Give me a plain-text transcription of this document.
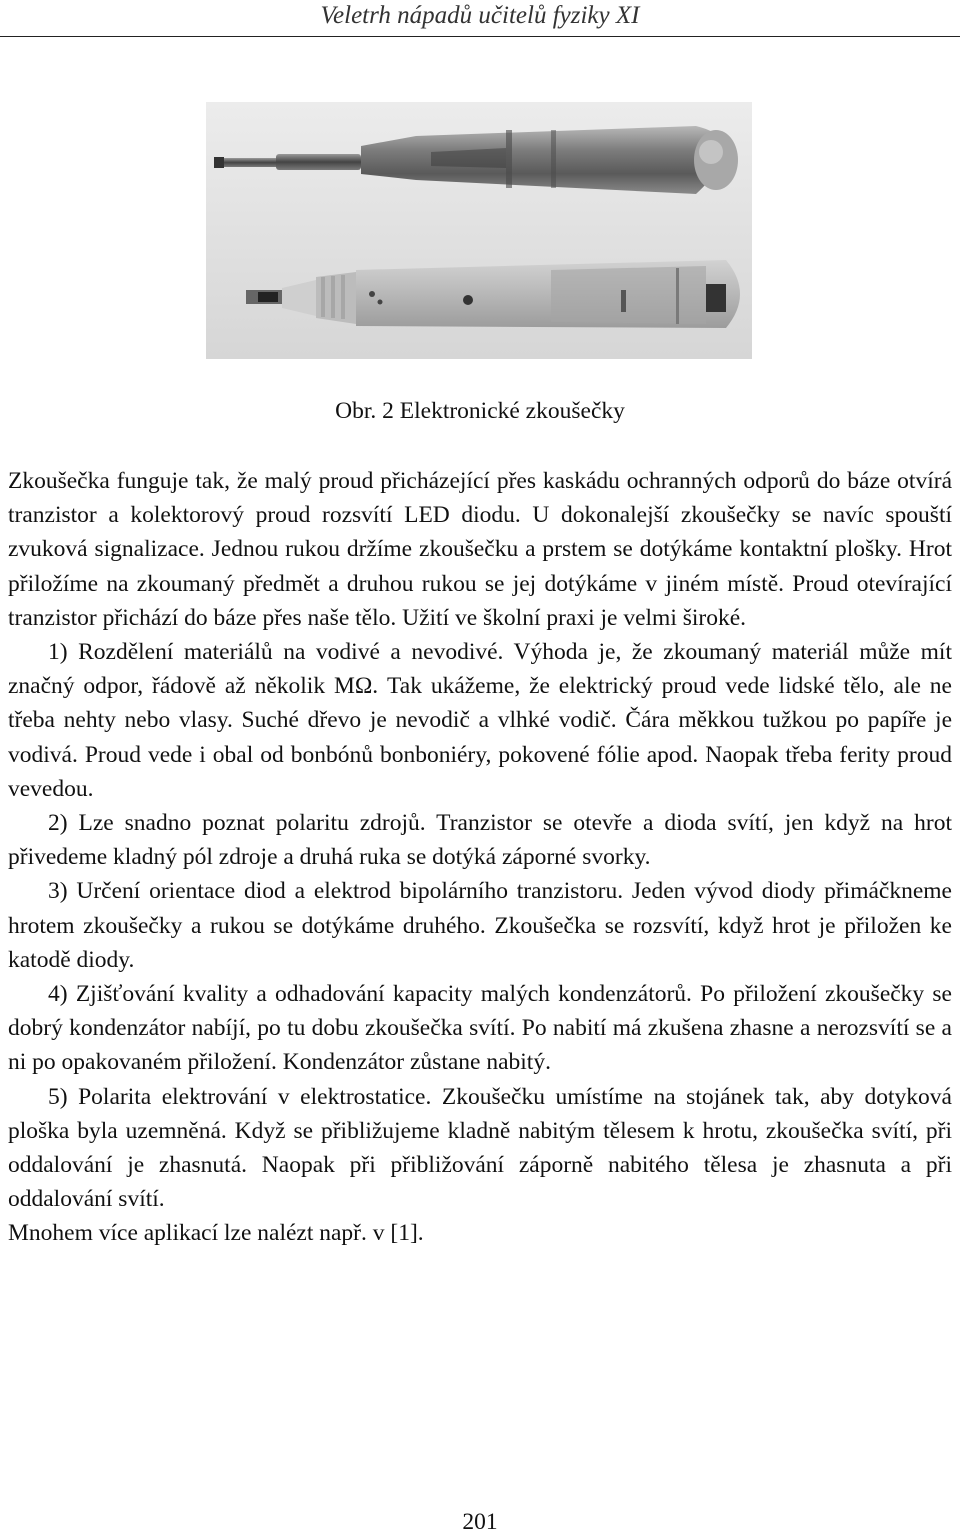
Veletrh nápadů učitelů fyziky XI
Obr. 2 Elektronické zkoušečky

Zkoušečka funguje tak, že malý proud přicházející přes kaskádu ochranných odporů do báze otvírá tranzistor a kolektorový proud rozsvítí LED diodu. U dokonalejší zkoušečky se navíc spouští zvuková signalizace. Jednou rukou držíme zkoušečku a prstem se dotýkáme kontaktní plošky. Hrot přiložíme na zkoumaný předmět a druhou rukou se jej dotýkáme v jiném místě. Proud otevírající tranzistor přichází do báze přes naše tělo. Užití ve školní praxi je velmi široké.

1) Rozdělení materiálů na vodivé a nevodivé. Výhoda je, že zkoumaný materiál může mít značný odpor, řádově až několik MΩ. Tak ukážeme, že elektrický proud vede lidské tělo, ale ne třeba nehty nebo vlasy. Suché dřevo je nevodič a vlhké vodič. Čára měkkou tužkou po papíře je vodivá. Proud vede i obal od bonbónů bonboniéry, pokovené fólie apod. Naopak třeba ferity proud vevedou.

2) Lze snadno poznat polaritu zdrojů. Tranzistor se otevře a dioda svítí, jen když na hrot přivedeme kladný pól zdroje a druhá ruka se dotýká záporné svorky.

3) Určení orientace diod a elektrod bipolárního tranzistoru. Jeden vývod diody přimáčkneme hrotem zkoušečky a rukou se dotýkáme druhého. Zkoušečka se rozsvítí, když hrot je přiložen ke katodě diody.

4) Zjišťování kvality a odhadování kapacity malých kondenzátorů. Po přiložení zkoušečky se dobrý kondenzátor nabíjí, po tu dobu zkoušečka svítí. Po nabití má zkušena zhasne a nerozsvítí se a ni po opakovaném přiložení. Kondenzátor zůstane nabitý.

5) Polarita elektrování v elektrostatice. Zkoušečku umístíme na stojánek tak, aby dotyková ploška byla uzemněná. Když se přibližujeme kladně nabitým tělesem k hrotu, zkoušečka svítí, při oddalování je zhasnutá. Naopak při přibližování záporně nabitého tělesa je zhasnuta a při oddalování svítí.

Mnohem více aplikací lze nalézt např. v [1].

201
